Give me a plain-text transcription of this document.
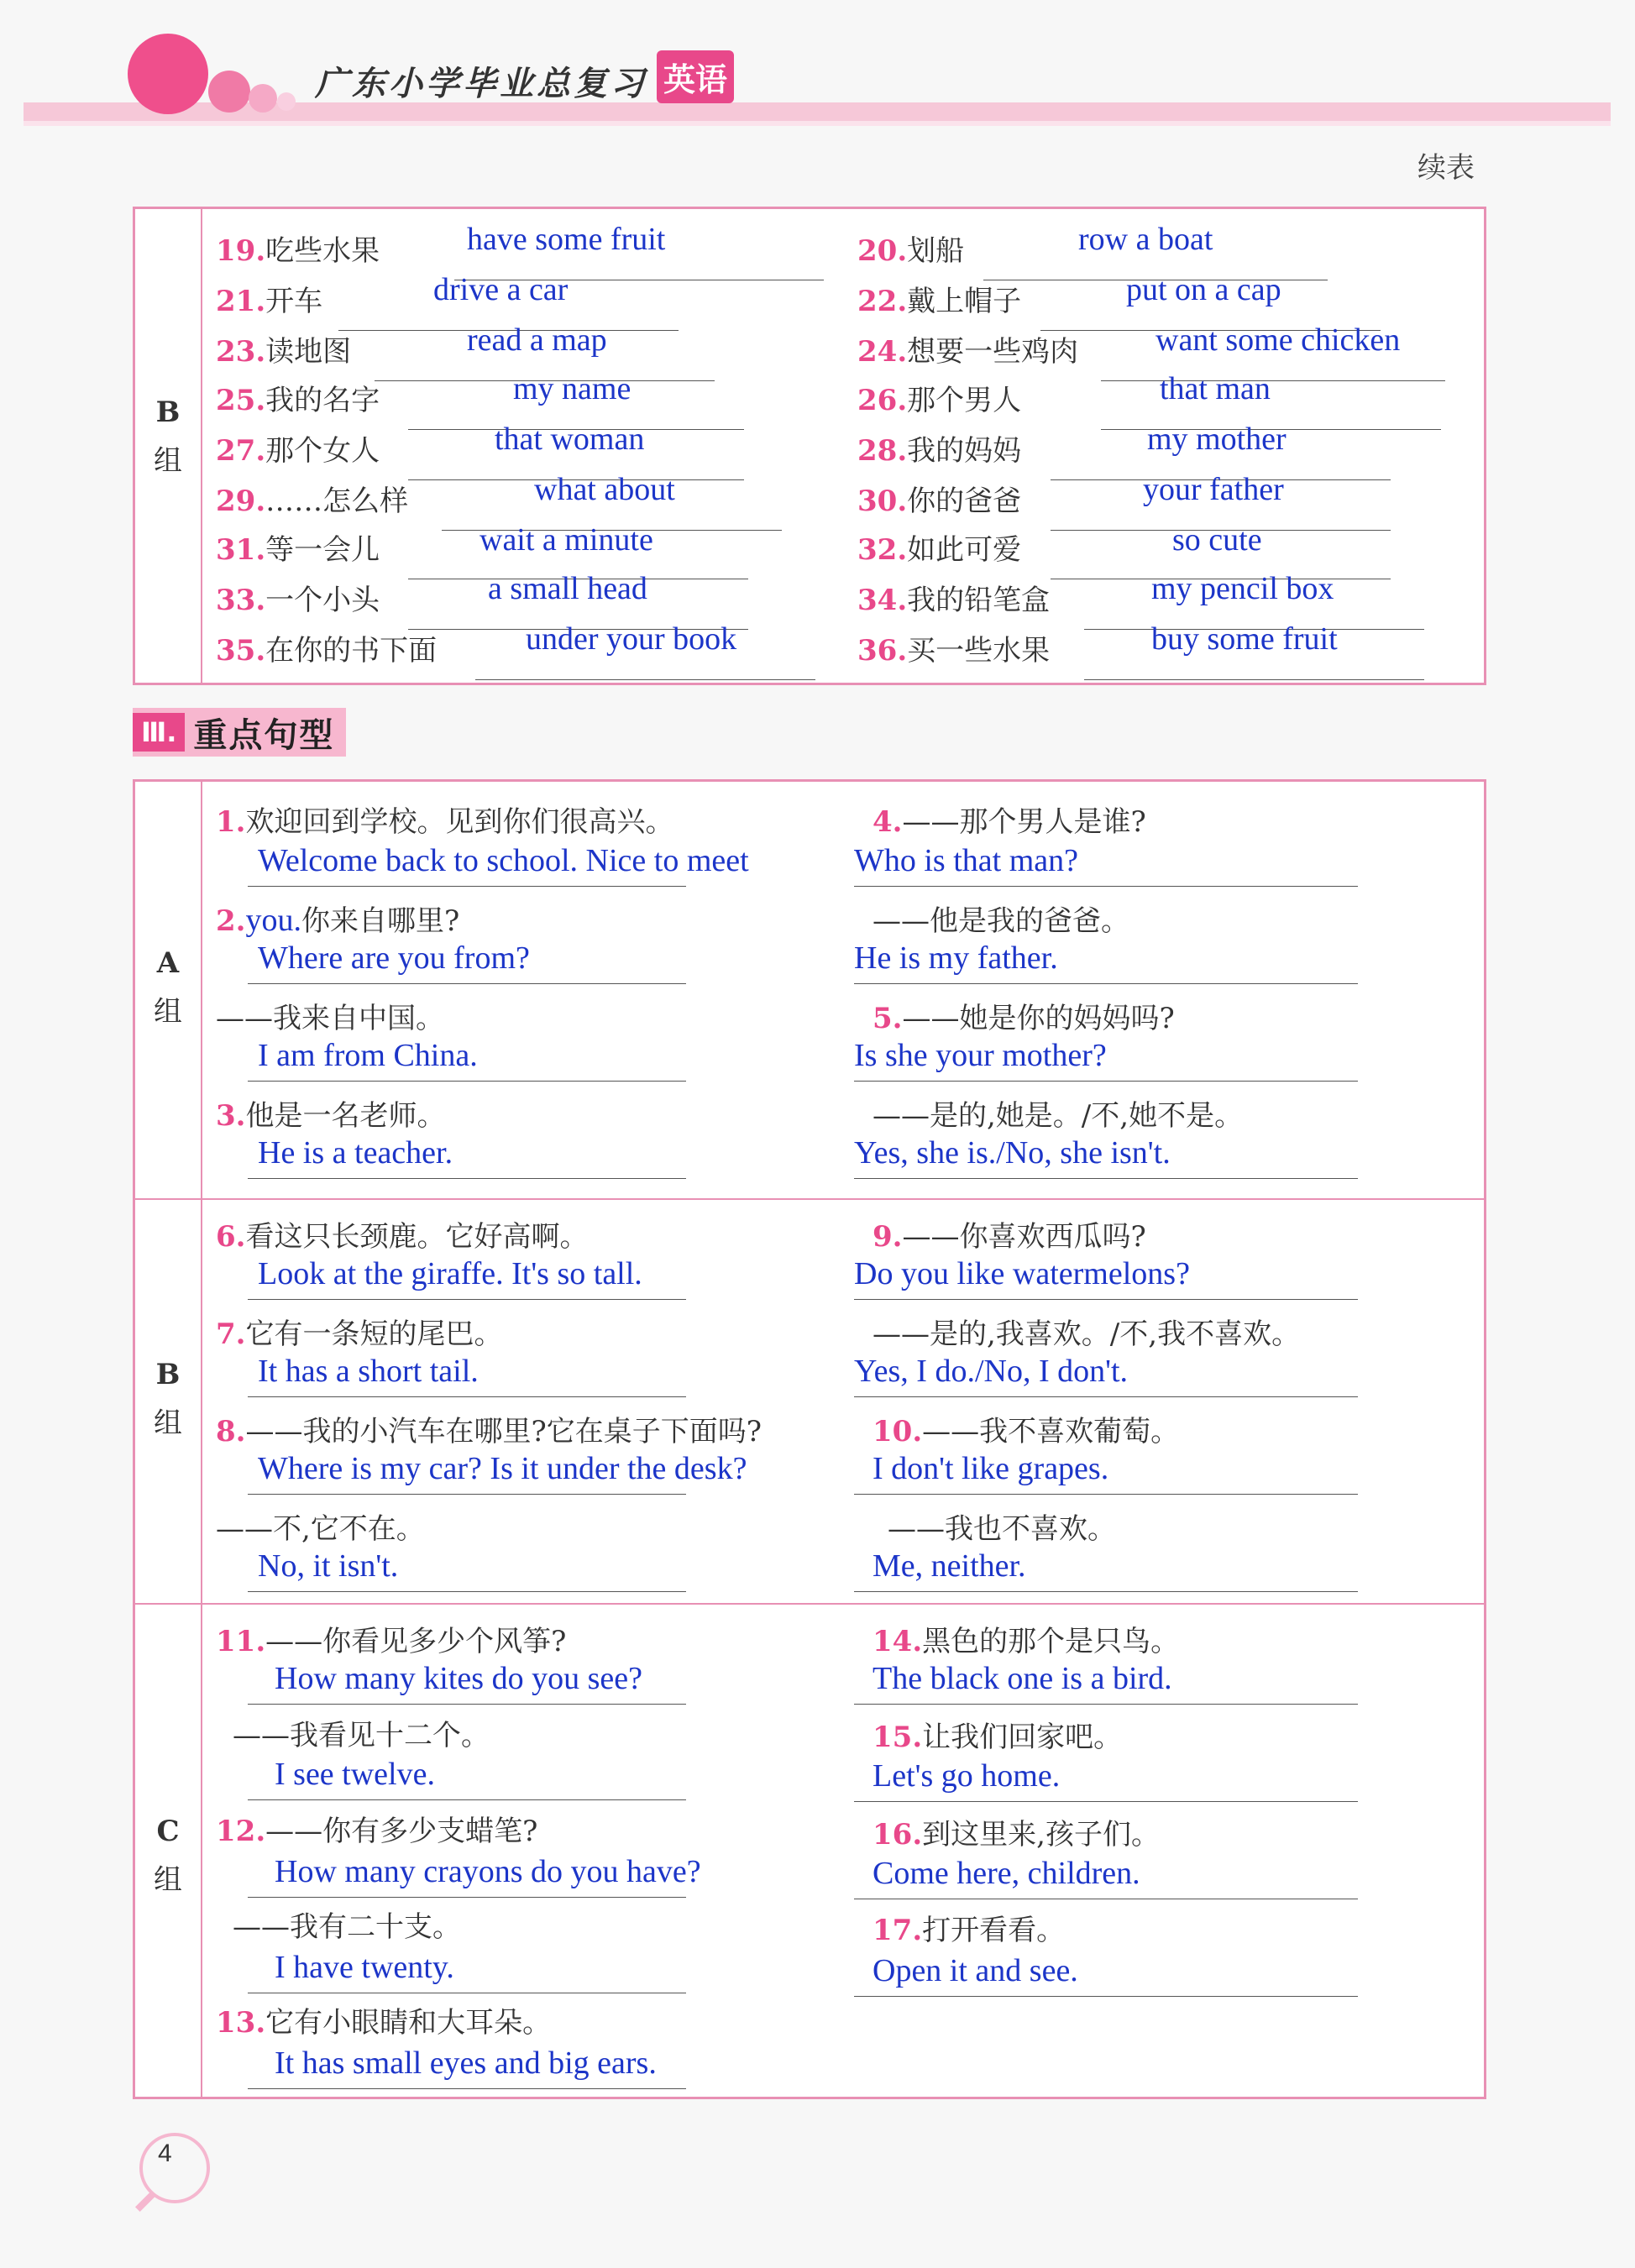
广东小学毕业总复习 英语
续表
B
组
19.吃些水果	have some fruit	20.划船	row a boat
21.开车	drive a car	22.戴上帽子	put on a cap
23.读地图	read a map	24.想要一些鸡肉 want some chicken
25.我的名字	my name	26.那个男人	that man
27.那个女人	that woman	28.我的妈妈	my mother
29.……怎么样	what about	30.你的爸爸	your father
31.等一会儿	wait a minute	32.如此可爱	so cute
33.一个小头	a small head	34.我的铅笔盒	my pencil box
35.在你的书下面	under your book	36.买一些水果	buy some fruit
Ⅲ. 重点句型
A
组
B
组
C
组
1.欢迎回到学校。见到你们很高兴。
Welcome back to school. Nice to meet
2.you.你来自哪里?
Where are you from?
——我来自中国。
I am from China.
3.他是一名老师。
He is a teacher.
4.——那个男人是谁?
Who is that man?
——他是我的爸爸。
He is my father.
5.——她是你的妈妈吗?
Is she your mother?
——是的,她是。/不,她不是。
Yes, she is./No, she isn't.
6.看这只长颈鹿。它好高啊。
Look at the giraffe. It's so tall.
7.它有一条短的尾巴。
It has a short tail.
8.——我的小汽车在哪里?它在桌子下面吗?
Where is my car? Is it under the desk?
——不,它不在。
No, it isn't.
9.——你喜欢西瓜吗?
Do you like watermelons?
——是的,我喜欢。/不,我不喜欢。
Yes, I do./No, I don't.
10.——我不喜欢葡萄。
I don't like grapes.
——我也不喜欢。
Me, neither.
11.——你看见多少个风筝?
How many kites do you see?
——我看见十二个。
I see twelve.
12.——你有多少支蜡笔?
How many crayons do you have?
——我有二十支。
I have twenty.
13.它有小眼睛和大耳朵。
It has small eyes and big ears.
14.黑色的那个是只鸟。
The black one is a bird.
15.让我们回家吧。
Let's go home.
16.到这里来,孩子们。
Come here, children.
17.打开看看。
Open it and see.
4
